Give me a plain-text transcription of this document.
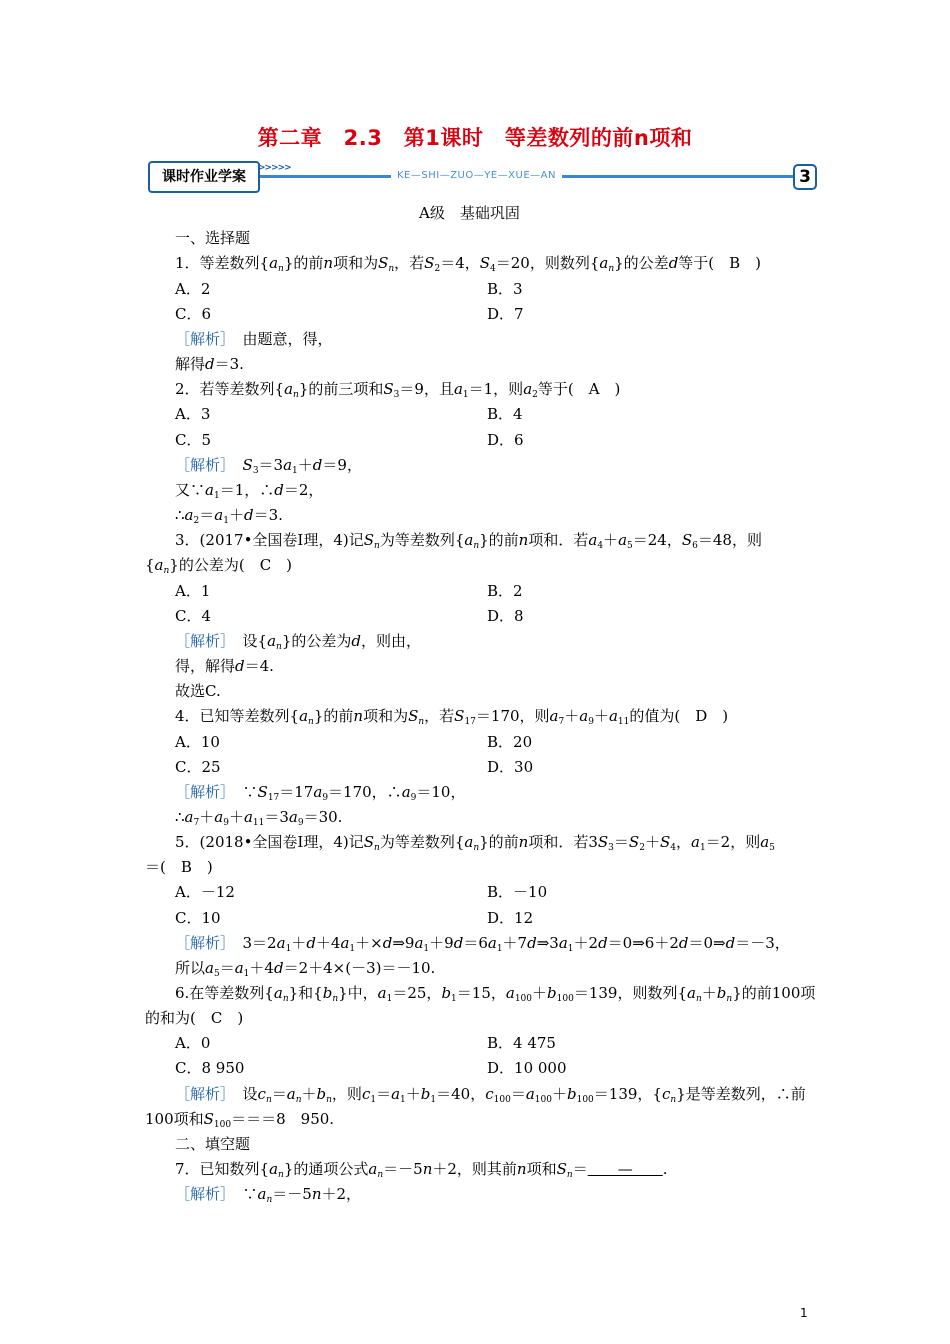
第二章　2.3　第1课时　等差数列的前n项和
课时作业学案
>>>>>
KE—SHI—ZUO—YE—XUE—AN	3
A级　基础巩固
一、选择题
1．等差数列$\{a_n\}$的前n项和为$S_n$，若$S_2=4$，$S_4=20$，则数列$\{a_n\}$的公差d等于(　B　)
A．2	B．3
C．6	D．7
［解析］　由题意，得，
解得d＝3.
2．若等差数列$\{a_n\}$的前三项和$S_3=9$，且$a_1=1$，则$a_2$等于(　A　)
A．3	B．4
C．5	D．6
［解析］　 $S_3=3a_1+d=9$，
又$\because a_1=1$，∴d＝2，
$\therefore a_2=a_1+d=3$.
3．(2017•全国卷Ⅰ理，4)记$S_n$为等差数列$\{a_n\}$的前n项和．若$a_4+a_5=24$，$S_6=48$，则
$\{a_n\}$的公差为(　C　)
A．1	B．2
C．4	D．8
［解析］　设$\{a_n\}$的公差为d，则由，
得，解得d＝4.
故选C.
4．已知等差数列$\{a_n\}$的前n项和为$S_n$，若$S_{17}=170$，则$a_7+a_9+a_{11}$的值为(　D　)
A．10	B．20
C．25	D．30
［解析］　$\because S_{17}=17a_9=170$，$\therefore a_9=10$，
$\therefore a_7+a_9+a_{11}=3a_9=30$.
5．(2018•全国卷Ⅰ理，4)记$S_n$为等差数列$\{a_n\}$的前n项和．若$3S_3=S_2+S_4$，$a_1=2$，则$a_5$
＝(　B　)
A．－12	B．－10
C．10	D．12
［解析］　$3=2a_1+d+4a_1+\times d\Rightarrow 9a_1+9d=6a_1+7d\Rightarrow 3a_1+2d=0\Rightarrow 6+2d=0\Rightarrow d=-3$，
所以$a_5=a_1+4d=2+4\times(-3)=-10$.
6.在等差数列$\{a_n\}$和$\{b_n\}$中，$a_1=25$，$b_1=15$，$a_{100}+b_{100}=139$，则数列$\{a_n+b_n\}$的前100项
的和为(　C　)
A．0	B．4 475
C．8 950	D．10 000
［解析］　设$c_n=a_n+b_n$，则$c_1=a_1+b_1=40$，$c_{100}=a_{100}+b_{100}=139$，$\{c_n\}$是等差数列，∴前
100项和$S_{100}===8$　950.
二、填空题
7．已知数列$\{a_n\}$的通项公式$a_n=-5n+2$，则其前n项和$S_n=$　　—　　.
［解析］　$\because a_n=-5n+2$，
1
